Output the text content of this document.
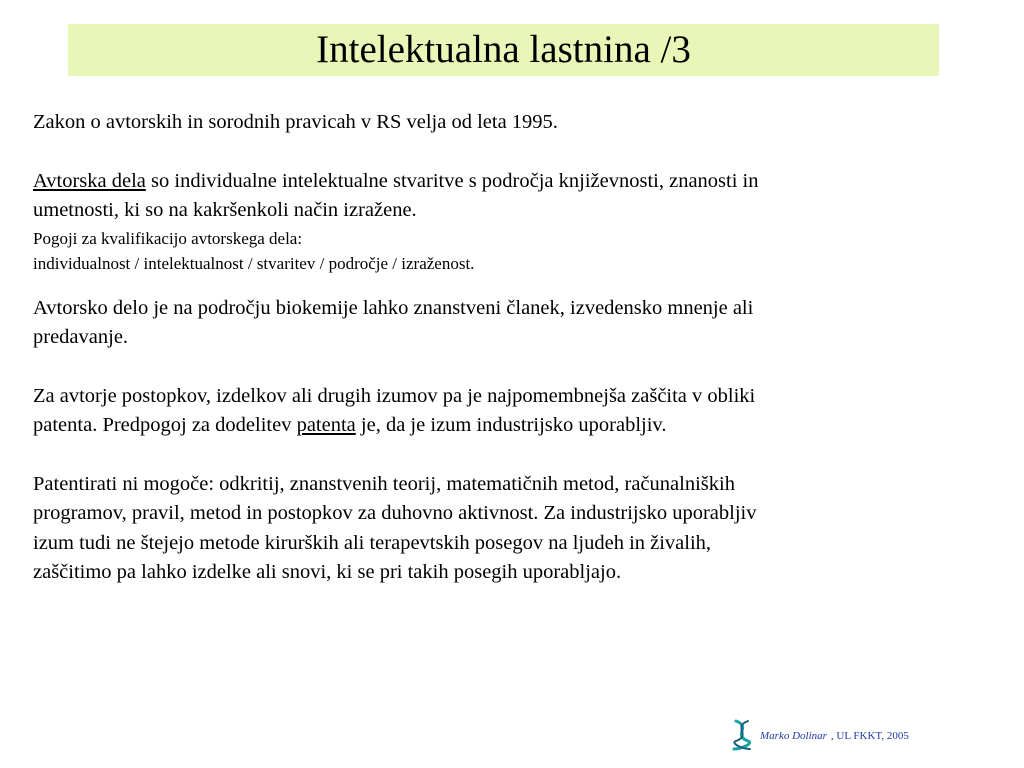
Intelektualna lastnina /3

Zakon o avtorskih in sorodnih pravicah v RS velja od leta 1995.

Avtorska dela so individualne intelektualne stvaritve s področja književnosti, znanosti in

umetnosti, ki so na kakršenkoli način izražene.

Pogoji za kvalifikacijo avtorskega dela:

individualnost / intelektualnost / stvaritev / področje / izraženost.

Avtorsko delo je na področju biokemije lahko znanstveni članek, izvedensko mnenje ali

predavanje.

Za avtorje postopkov, izdelkov ali drugih izumov pa je najpomembnejša zaščita v obliki

patenta. Predpogoj za dodelitev patenta je, da je izum industrijsko uporabljiv.

Patentirati ni mogoče: odkritij, znanstvenih teorij, matematičnih metod, računalniških

programov, pravil, metod in postopkov za duhovno aktivnost. Za industrijsko uporabljiv

izum tudi ne štejejo metode kirurških ali terapevtskih posegov na ljudeh in živalih,

zaščitimo pa lahko izdelke ali snovi, ki se pri takih posegih uporabljajo.

Marko Dolinar , UL FKKT, 2005
